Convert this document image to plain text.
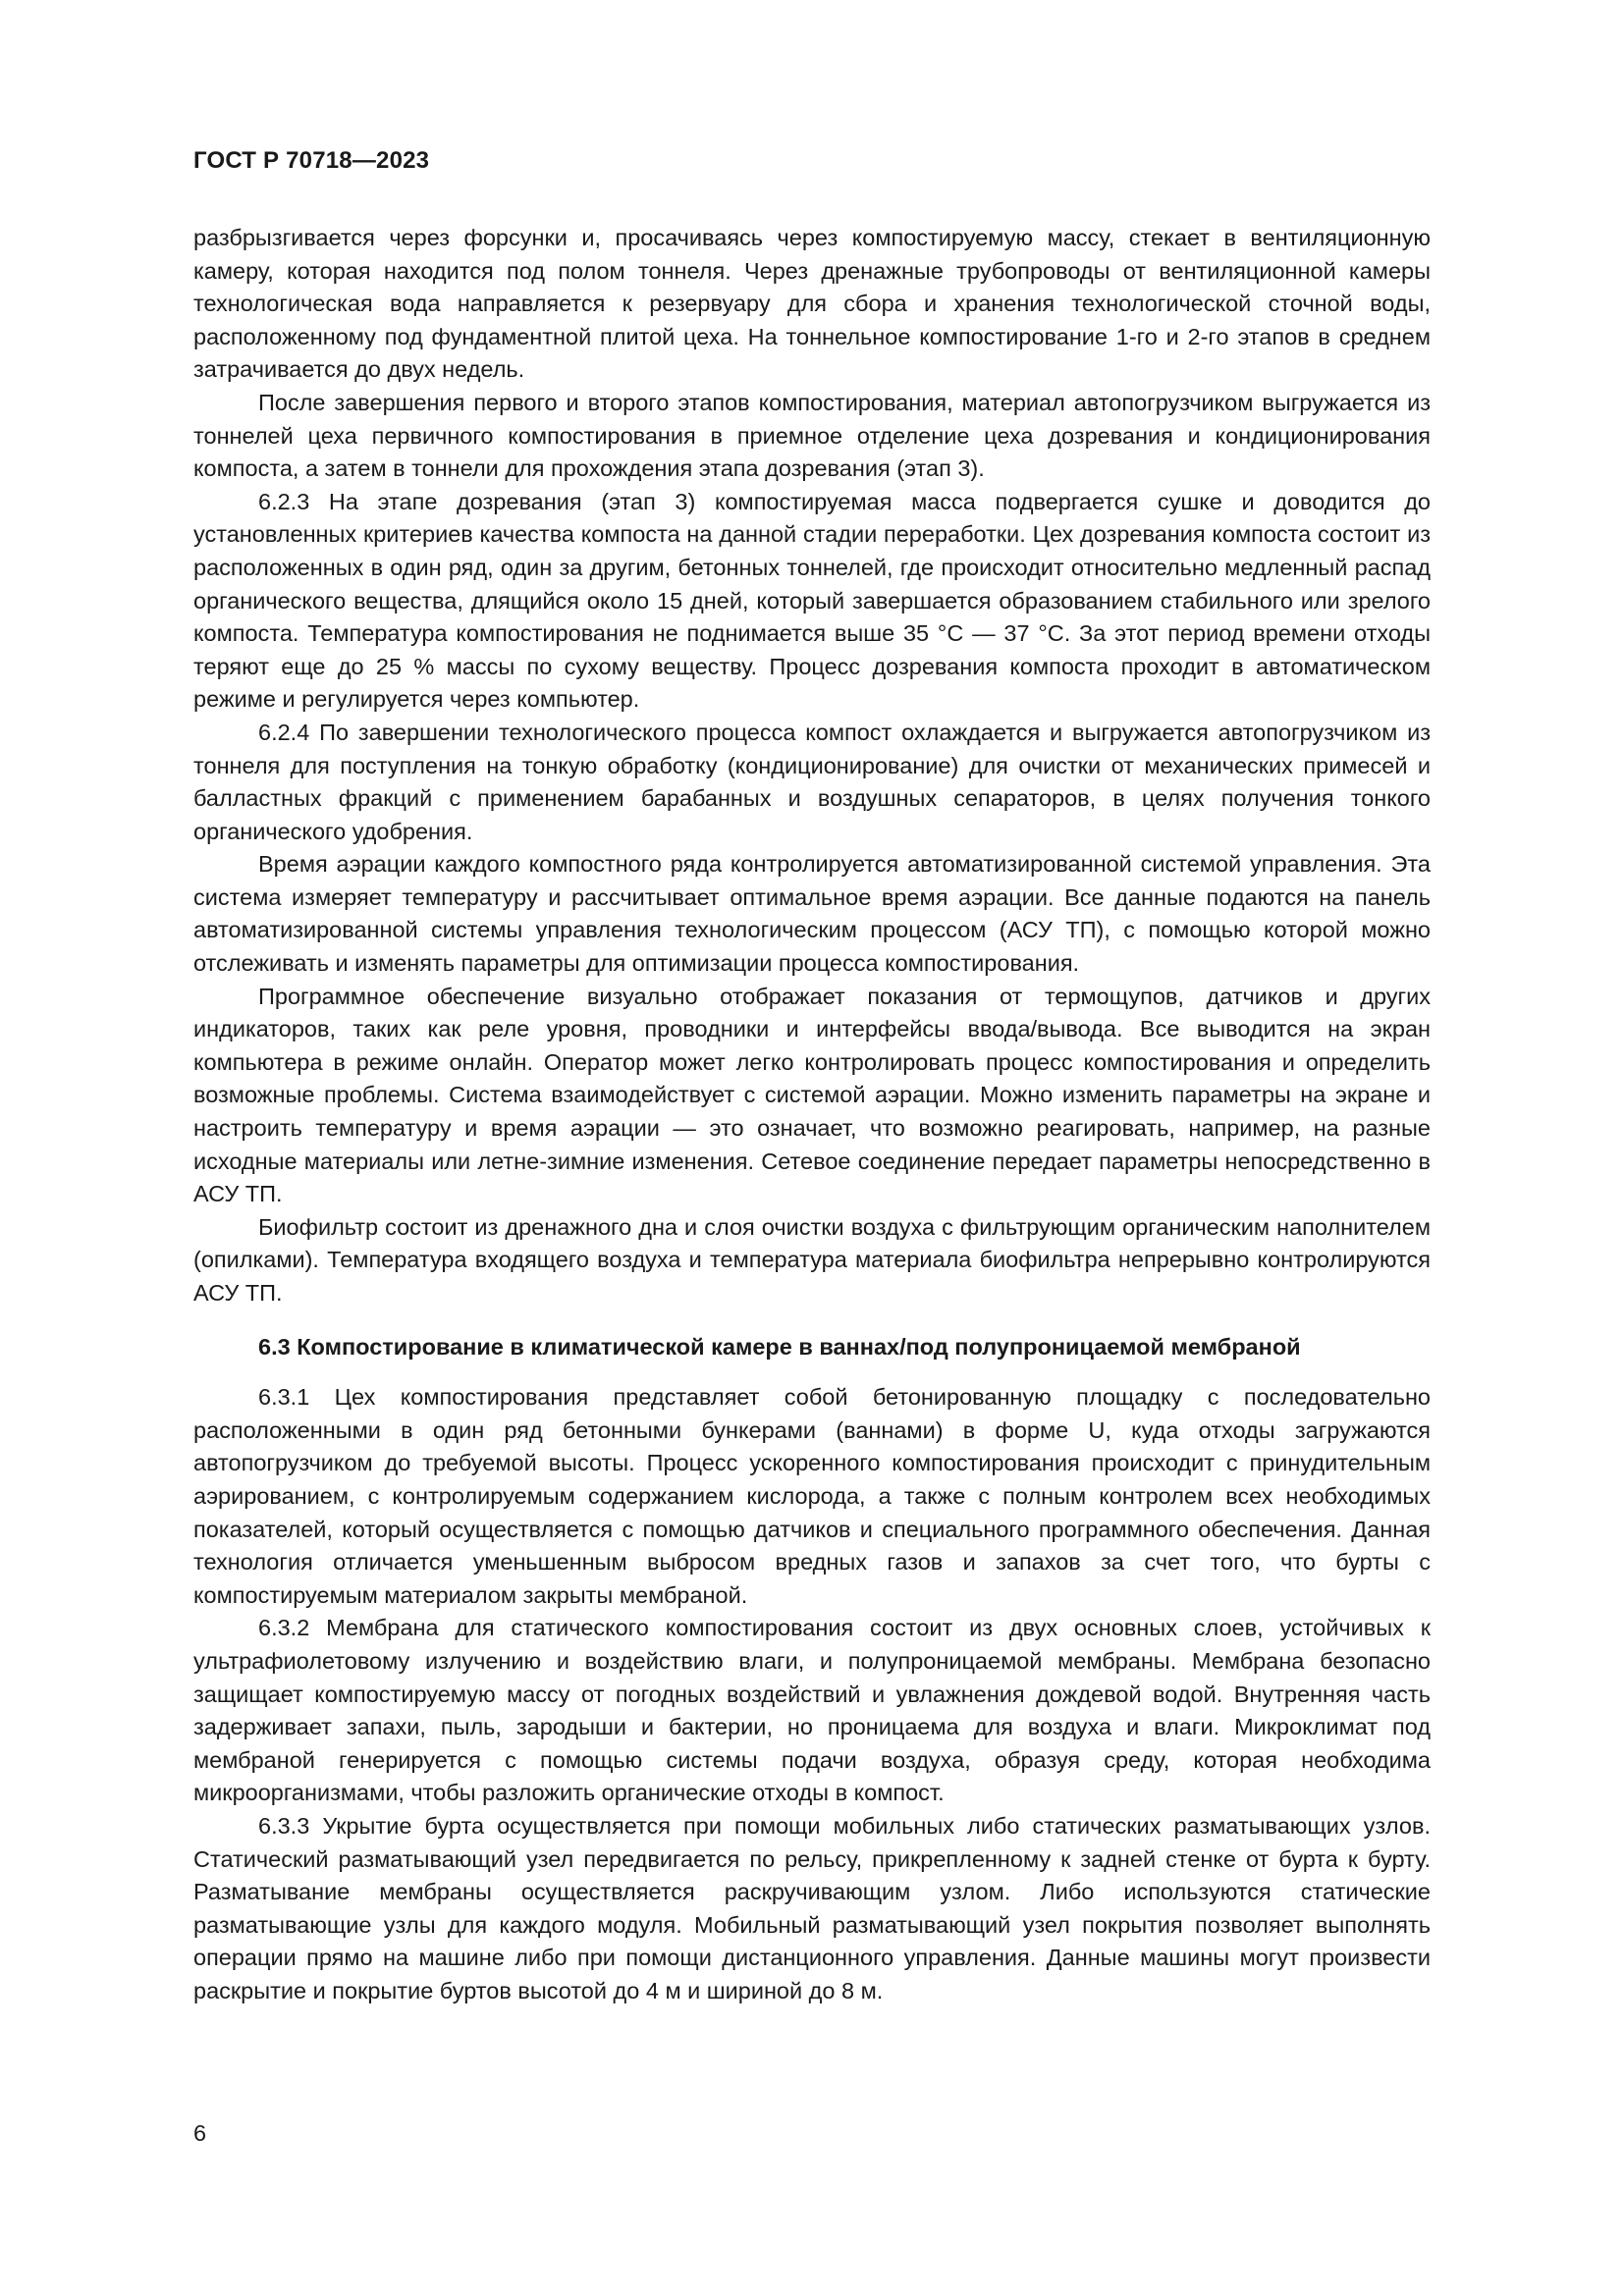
ГОСТ Р 70718—2023

разбрызгивается через форсунки и, просачиваясь через компостируемую массу, стекает в вентиляционную камеру, которая находится под полом тоннеля. Через дренажные трубопроводы от вентиляционной камеры технологическая вода направляется к резервуару для сбора и хранения технологической сточной воды, расположенному под фундаментной плитой цеха. На тоннельное компостирование 1-го и 2-го этапов в среднем затрачивается до двух недель.

После завершения первого и второго этапов компостирования, материал автопогрузчиком выгружается из тоннелей цеха первичного компостирования в приемное отделение цеха дозревания и кондиционирования компоста, а затем в тоннели для прохождения этапа дозревания (этап 3).

6.2.3 На этапе дозревания (этап 3) компостируемая масса подвергается сушке и доводится до установленных критериев качества компоста на данной стадии переработки. Цех дозревания компоста состоит из расположенных в один ряд, один за другим, бетонных тоннелей, где происходит относительно медленный распад органического вещества, длящийся около 15 дней, который завершается образованием стабильного или зрелого компоста. Температура компостирования не поднимается выше 35 °С — 37 °С. За этот период времени отходы теряют еще до 25 % массы по сухому веществу. Процесс дозревания компоста проходит в автоматическом режиме и регулируется через компьютер.

6.2.4 По завершении технологического процесса компост охлаждается и выгружается автопогрузчиком из тоннеля для поступления на тонкую обработку (кондиционирование) для очистки от механических примесей и балластных фракций с применением барабанных и воздушных сепараторов, в целях получения тонкого органического удобрения.

Время аэрации каждого компостного ряда контролируется автоматизированной системой управления. Эта система измеряет температуру и рассчитывает оптимальное время аэрации. Все данные подаются на панель автоматизированной системы управления технологическим процессом (АСУ ТП), с помощью которой можно отслеживать и изменять параметры для оптимизации процесса компостирования.

Программное обеспечение визуально отображает показания от термощупов, датчиков и других индикаторов, таких как реле уровня, проводники и интерфейсы ввода/вывода. Все выводится на экран компьютера в режиме онлайн. Оператор может легко контролировать процесс компостирования и определить возможные проблемы. Система взаимодействует с системой аэрации. Можно изменить параметры на экране и настроить температуру и время аэрации — это означает, что возможно реагировать, например, на разные исходные материалы или летне-зимние изменения. Сетевое соединение передает параметры непосредственно в АСУ ТП.

Биофильтр состоит из дренажного дна и слоя очистки воздуха с фильтрующим органическим наполнителем (опилками). Температура входящего воздуха и температура материала биофильтра непрерывно контролируются АСУ ТП.

6.3 Компостирование в климатической камере в ваннах/под полупроницаемой мембраной

6.3.1 Цех компостирования представляет собой бетонированную площадку с последовательно расположенными в один ряд бетонными бункерами (ваннами) в форме U, куда отходы загружаются автопогрузчиком до требуемой высоты. Процесс ускоренного компостирования происходит с принудительным аэрированием, с контролируемым содержанием кислорода, а также с полным контролем всех необходимых показателей, который осуществляется с помощью датчиков и специального программного обеспечения. Данная технология отличается уменьшенным выбросом вредных газов и запахов за счет того, что бурты с компостируемым материалом закрыты мембраной.

6.3.2 Мембрана для статического компостирования состоит из двух основных слоев, устойчивых к ультрафиолетовому излучению и воздействию влаги, и полупроницаемой мембраны. Мембрана безопасно защищает компостируемую массу от погодных воздействий и увлажнения дождевой водой. Внутренняя часть задерживает запахи, пыль, зародыши и бактерии, но проницаема для воздуха и влаги. Микроклимат под мембраной генерируется с помощью системы подачи воздуха, образуя среду, которая необходима микроорганизмами, чтобы разложить органические отходы в компост.

6.3.3 Укрытие бурта осуществляется при помощи мобильных либо статических разматывающих узлов. Статический разматывающий узел передвигается по рельсу, прикрепленному к задней стенке от бурта к бурту. Разматывание мембраны осуществляется раскручивающим узлом. Либо используются статические разматывающие узлы для каждого модуля. Мобильный разматывающий узел покрытия позволяет выполнять операции прямо на машине либо при помощи дистанционного управления. Данные машины могут произвести раскрытие и покрытие буртов высотой до 4 м и шириной до 8 м.

6
